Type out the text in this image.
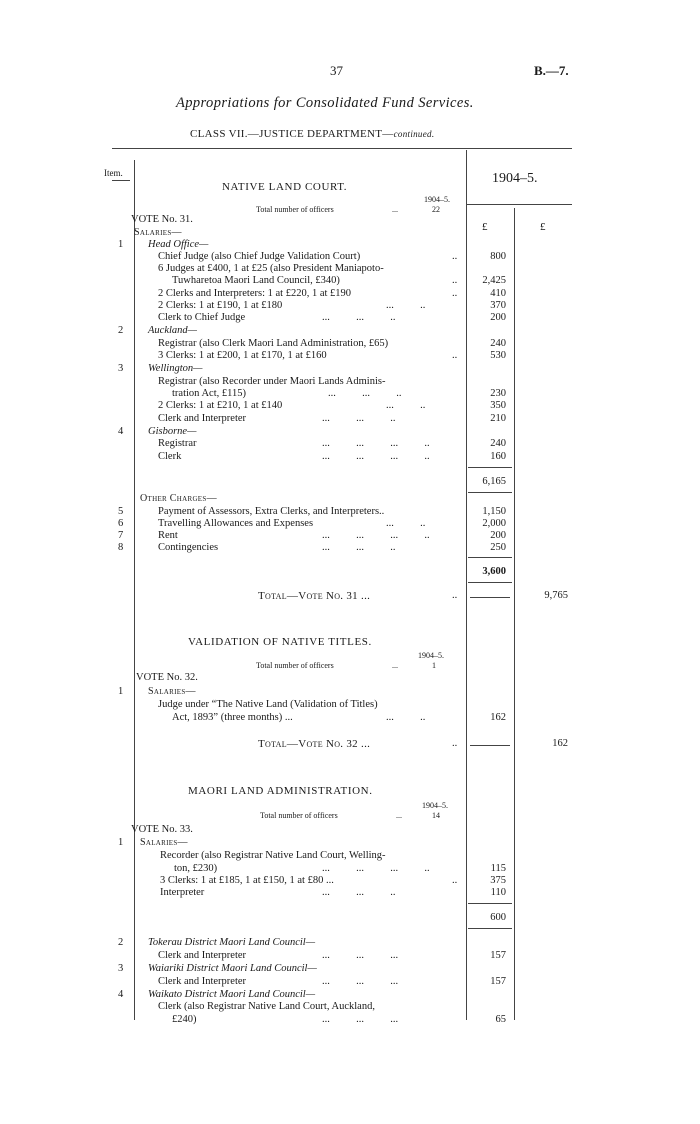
37	B.—7.
Appropriations for Consolidated Fund Services.
CLASS VII.—JUSTICE DEPARTMENT—continued.
Item.	1904–5.
£	£
NATIVE LAND COURT.
1904–5.
Total number of officers	...	22
VOTE No. 31.
Salaries—
1 Head Office—
Chief Judge (also Chief Judge Validation Court)	..	800
6 Judges at £400, 1 at £25 (also President Maniapoto-
Tuwharetoa Maori Land Council, £340)	..	2,425
2 Clerks and Interpreters: 1 at £220, 1 at £190	..	410
2 Clerks: 1 at £190, 1 at £180	...          ..	370
Clerk to Chief Judge	...          ...          ..	200
2 Auckland—
Registrar (also Clerk Maori Land Administration, £65)	240
3 Clerks: 1 at £200, 1 at £170, 1 at £160	..	530
3 Wellington—
Registrar (also Recorder under Maori Lands Adminis-
tration Act, £115)	...          ...          ..	230
2 Clerks: 1 at £210, 1 at £140	...          ..	350
Clerk and Interpreter	...          ...          ..	210
4 Gisborne—
Registrar	...          ...          ...          ..	240
Clerk	...          ...          ...          ..	160
6,165
Other Charges—
5	Payment of Assessors, Extra Clerks, and Interpreters..	1,150
6	Travelling Allowances and Expenses	...          ..	2,000
7	Rent	...          ...          ...          ..	200
8	Contingencies	...          ...          ..	250
3,600
Total—Vote No. 31 ...	..	9,765
VALIDATION OF NATIVE TITLES.
1904–5.
Total number of officers	...	1
VOTE No. 32.
1 Salaries—
Judge under “The Native Land (Validation of Titles)
Act, 1893” (three months) ...	...          ..	162
Total—Vote No. 32 ...	..	162
MAORI LAND ADMINISTRATION.
1904–5.
Total number of officers	...	14
VOTE No. 33.
1 Salaries—
Recorder (also Registrar Native Land Court, Welling-
ton, £230)	...          ...          ...          ..	115
3 Clerks: 1 at £185, 1 at £150, 1 at £80 ...	..	375
Interpreter	...          ...          ..	110
600
2 Tokerau District Maori Land Council—
Clerk and Interpreter	...          ...          ...	157
3 Waiariki District Maori Land Council—
Clerk and Interpreter	...          ...          ...	157
4 Waikato District Maori Land Council—
Clerk (also Registrar Native Land Court, Auckland,
£240)	...          ...          ...	65
